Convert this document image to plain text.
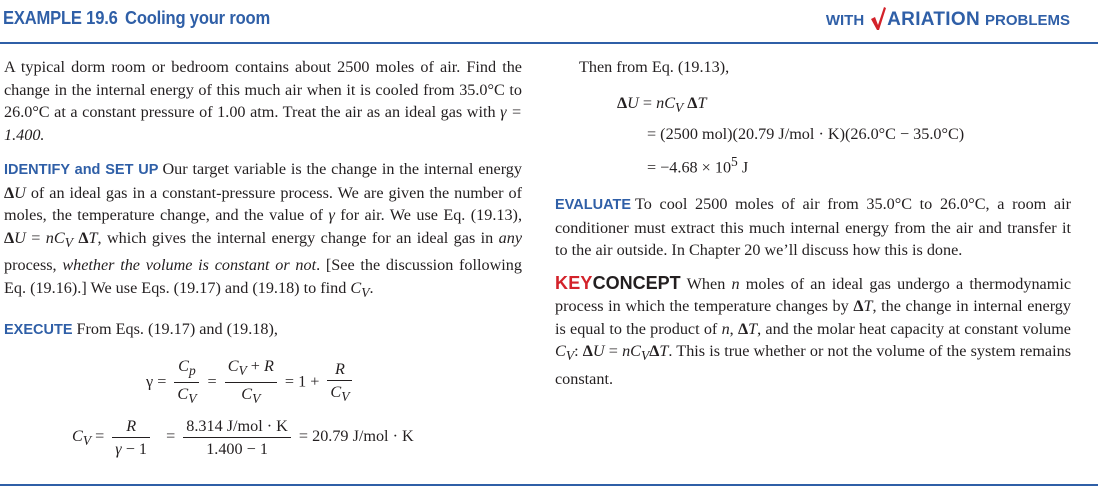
EXAMPLE 19.6 Cooling your room	WITH ARIATION PROBLEMS

A typical dorm room or bedroom contains about 2500 moles of air. Find the change in the internal energy of this much air when it is cooled from 35.0°C to 26.0°C at a constant pressure of 1.00 atm. Treat the air as an ideal gas with γ = 1.400.

IDENTIFY and SET UP Our target variable is the change in the internal energy ΔU of an ideal gas in a constant-pressure process. We are given the number of moles, the temperature change, and the value of γ for air. We use Eq. (19.13), $\Delta U = nC_V$ ΔT, which gives the internal energy change for an ideal gas in any process, whether the volume is constant or not. [See the discussion following Eq. (19.16).] We use Eqs. (19.17) and (19.18) to find $C_V$.

EXECUTE From Eqs. (19.17) and (19.18),

$\gamma = \frac{C_p}{C_V} = \frac{C_V + R}{C_V} = 1 + \frac{R}{C_V}$
$C_V = \frac{R}{\gamma - 1} = \frac{\text{8.314 J/mol · K}}{1.400 - 1} = 20.79$ J/mol · K

Then from Eq. (19.13),

$\Delta U = nC_V$ ΔT
= (2500 mol)(20.79 J/mol · K)(26.0°C − 35.0°C)
= $-4.68 \times 10^5$ J

EVALUATE To cool 2500 moles of air from 35.0°C to 26.0°C, a room air conditioner must extract this much internal energy from the air and transfer it to the air outside. In Chapter 20 we’ll discuss how this is done.

KEYCONCEPT When n moles of an ideal gas undergo a thermodynamic process in which the temperature changes by ΔT, the change in internal energy is equal to the product of n, ΔT, and the molar heat capacity at constant volume $C_V$: $\Delta U = nC_V\Delta T$. This is true whether or not the volume of the system remains constant.
